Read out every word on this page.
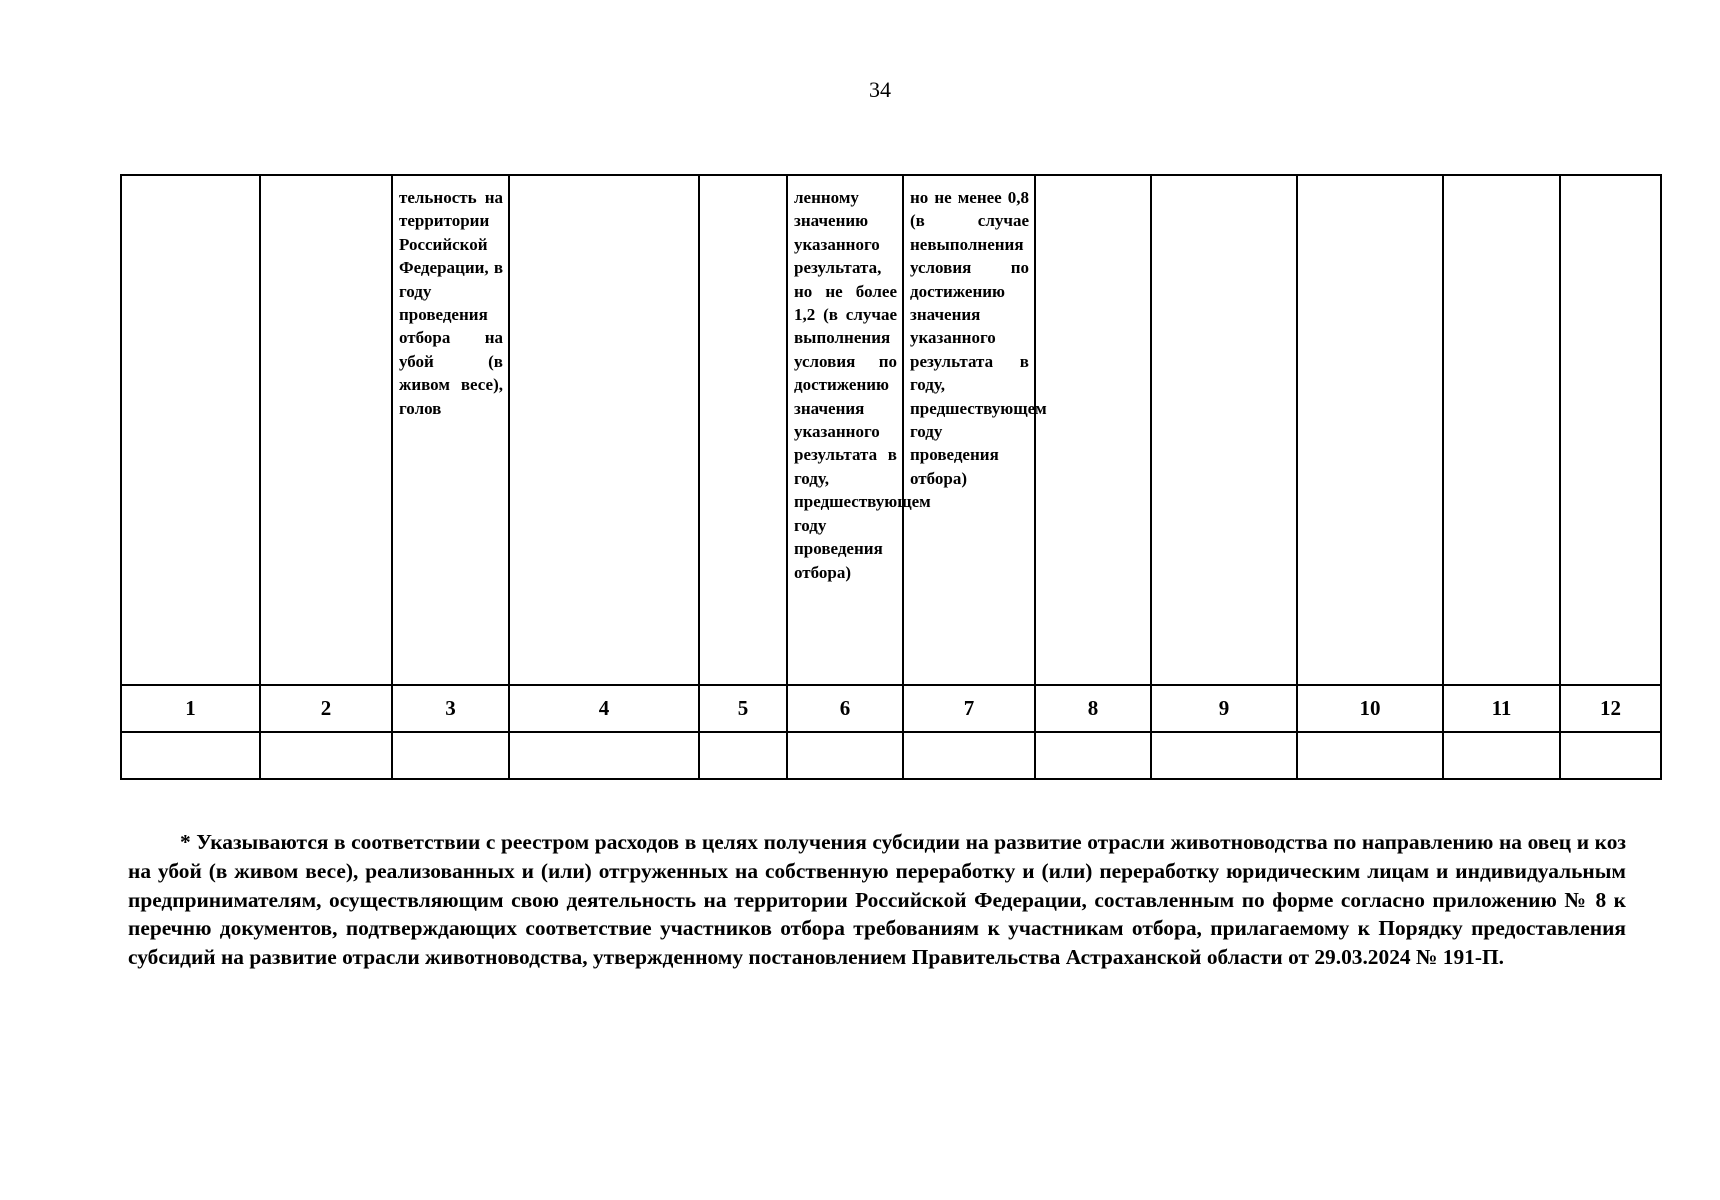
34

		тельность на территории Российской Федерации, в году проведения отбора на убой (в живом весе), голов			ленному значению указанного результата, но не более 1,2 (в случае выполнения условия по достижению значения указанного результата в году, предшествующем году проведения отбора)	но не менее 0,8 (в случае невыполнения условия по достижению значения указанного результата в году, предшествующем году проведения отбора)					

1	2	3	4	5	6	7	8	9	10	11	12

* Указываются в соответствии с реестром расходов в целях получения субсидии на развитие отрасли животноводства по направлению на овец и коз на убой (в живом весе), реализованных и (или) отгруженных на собственную переработку и (или) переработку юридическим лицам и индивидуальным предпринимателям, осуществляющим свою деятельность на территории Российской Федерации, составленным по форме согласно приложению № 8 к перечню документов, подтверждающих соответствие участников отбора требованиям к участникам отбора, прилагаемому к Порядку предоставления субсидий на развитие отрасли животноводства, утвержденному постановлением Правительства Астраханской области от 29.03.2024 № 191-П.
